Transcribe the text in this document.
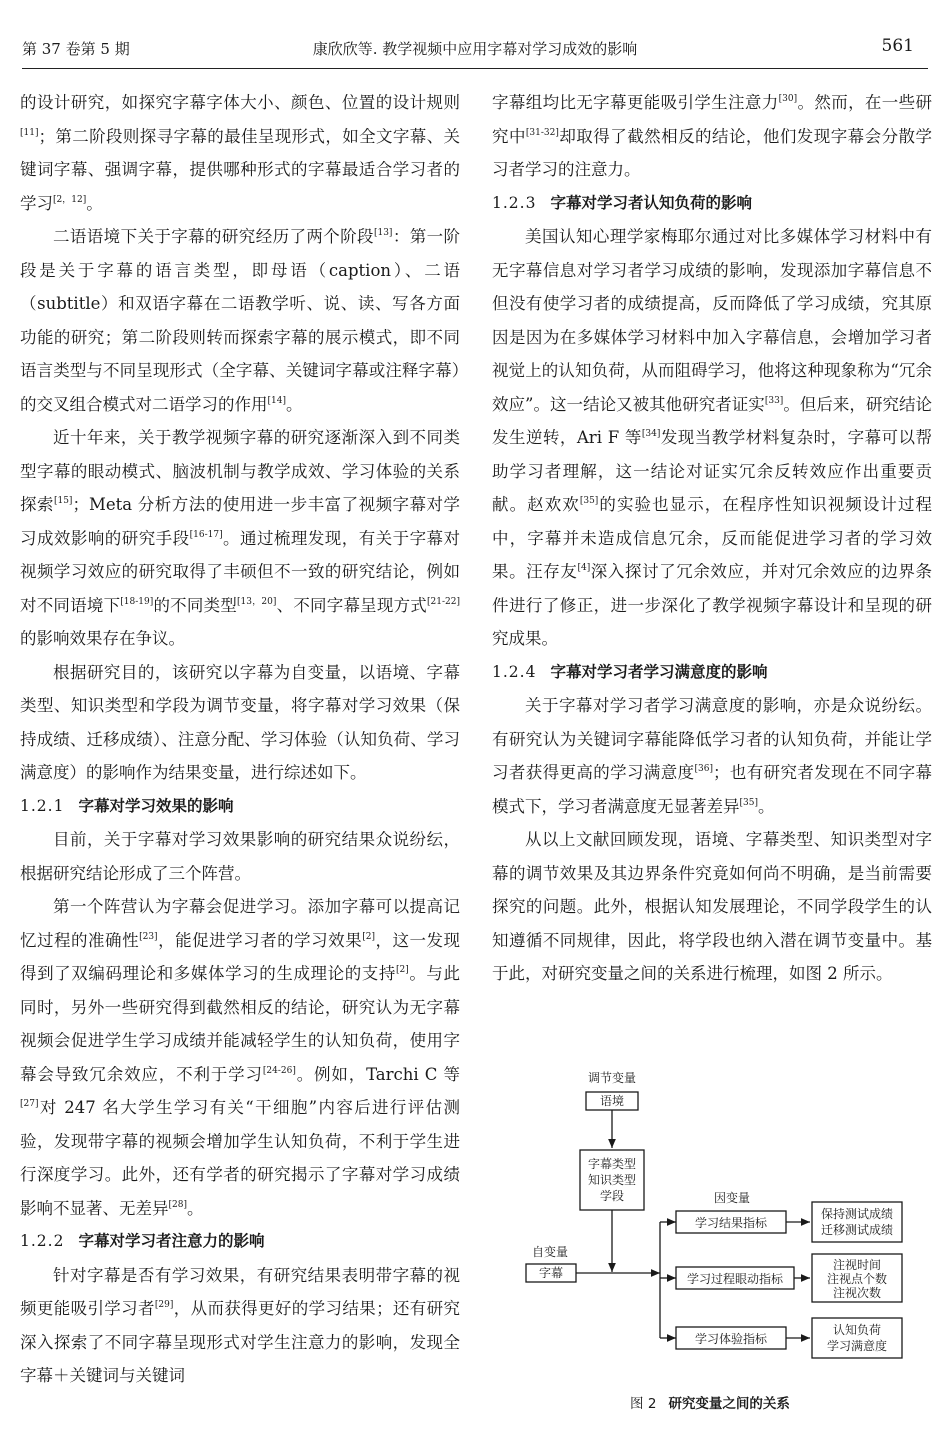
第 37 卷第 5 期	康欣欣等. 教学视频中应用字幕对学习成效的影响	561

的设计研究，如探究字幕字体大小、颜色、位置的设计规则[11]；第二阶段则探寻字幕的最佳呈现形式，如全文字幕、关键词字幕、强调字幕，提供哪种形式的字幕最适合学习者的学习[2，12]。

二语语境下关于字幕的研究经历了两个阶段[13]：第一阶段是关于字幕的语言类型，即母语（caption）、二语（subtitle）和双语字幕在二语教学听、说、读、写各方面功能的研究；第二阶段则转而探索字幕的展示模式，即不同语言类型与不同呈现形式（全字幕、关键词字幕或注释字幕）的交叉组合模式对二语学习的作用[14]。

近十年来，关于教学视频字幕的研究逐渐深入到不同类型字幕的眼动模式、脑波机制与教学成效、学习体验的关系探索[15]；Meta 分析方法的使用进一步丰富了视频字幕对学习成效影响的研究手段[16-17]。通过梳理发现，有关于字幕对视频学习效应的研究取得了丰硕但不一致的研究结论，例如对不同语境下[18-19]的不同类型[13，20]、不同字幕呈现方式[21-22]的影响效果存在争议。

根据研究目的，该研究以字幕为自变量，以语境、字幕类型、知识类型和学段为调节变量，将字幕对学习效果（保持成绩、迁移成绩）、注意分配、学习体验（认知负荷、学习满意度）的影响作为结果变量，进行综述如下。

1.2.1 字幕对学习效果的影响

目前，关于字幕对学习效果影响的研究结果众说纷纭，根据研究结论形成了三个阵营。

第一个阵营认为字幕会促进学习。添加字幕可以提高记忆过程的准确性[23]，能促进学习者的学习效果[2]，这一发现得到了双编码理论和多媒体学习的生成理论的支持[2]。与此同时，另外一些研究得到截然相反的结论，研究认为无字幕视频会促进学生学习成绩并能减轻学生的认知负荷，使用字幕会导致冗余效应，不利于学习[24-26]。例如，Tarchi C 等[27]对 247 名大学生学习有关“干细胞”内容后进行评估测验，发现带字幕的视频会增加学生认知负荷，不利于学生进行深度学习。此外，还有学者的研究揭示了字幕对学习成绩影响不显著、无差异[28]。

1.2.2 字幕对学习者注意力的影响

针对字幕是否有学习效果，有研究结果表明带字幕的视频更能吸引学习者[29]，从而获得更好的学习结果；还有研究深入探索了不同字幕呈现形式对学生注意力的影响，发现全字幕＋关键词与关键词

字幕组均比无字幕更能吸引学生注意力[30]。然而，在一些研究中[31-32]却取得了截然相反的结论，他们发现字幕会分散学习者学习的注意力。

1.2.3 字幕对学习者认知负荷的影响

美国认知心理学家梅耶尔通过对比多媒体学习材料中有无字幕信息对学习者学习成绩的影响，发现添加字幕信息不但没有使学习者的成绩提高，反而降低了学习成绩，究其原因是因为在多媒体学习材料中加入字幕信息，会增加学习者视觉上的认知负荷，从而阻碍学习，他将这种现象称为“冗余效应”。这一结论又被其他研究者证实[33]。但后来，研究结论发生逆转，Ari F 等[34]发现当教学材料复杂时，字幕可以帮助学习者理解，这一结论对证实冗余反转效应作出重要贡献。赵欢欢[35]的实验也显示，在程序性知识视频设计过程中，字幕并未造成信息冗余，反而能促进学习者的学习效果。汪存友[4]深入探讨了冗余效应，并对冗余效应的边界条件进行了修正，进一步深化了教学视频字幕设计和呈现的研究成果。

1.2.4 字幕对学习者学习满意度的影响

关于字幕对学习者学习满意度的影响，亦是众说纷纭。有研究认为关键词字幕能降低学习者的认知负荷，并能让学习者获得更高的学习满意度[36]；也有研究者发现在不同字幕模式下，学习者满意度无显著差异[35]。

从以上文献回顾发现，语境、字幕类型、知识类型对字幕的调节效果及其边界条件究竟如何尚不明确，是当前需要探究的问题。此外，根据认知发展理论，不同学段学生的认知遵循不同规律，因此，将学段也纳入潜在调节变量中。基于此，对研究变量之间的关系进行梳理，如图 2 所示。

调节变量
语境
字幕类型
知识类型
学段
自变量
字幕
因变量
学习结果指标
学习过程眼动指标
学习体验指标
保持测试成绩
迁移测试成绩
注视时间
注视点个数
注视次数
认知负荷
学习满意度
图 2 研究变量之间的关系
